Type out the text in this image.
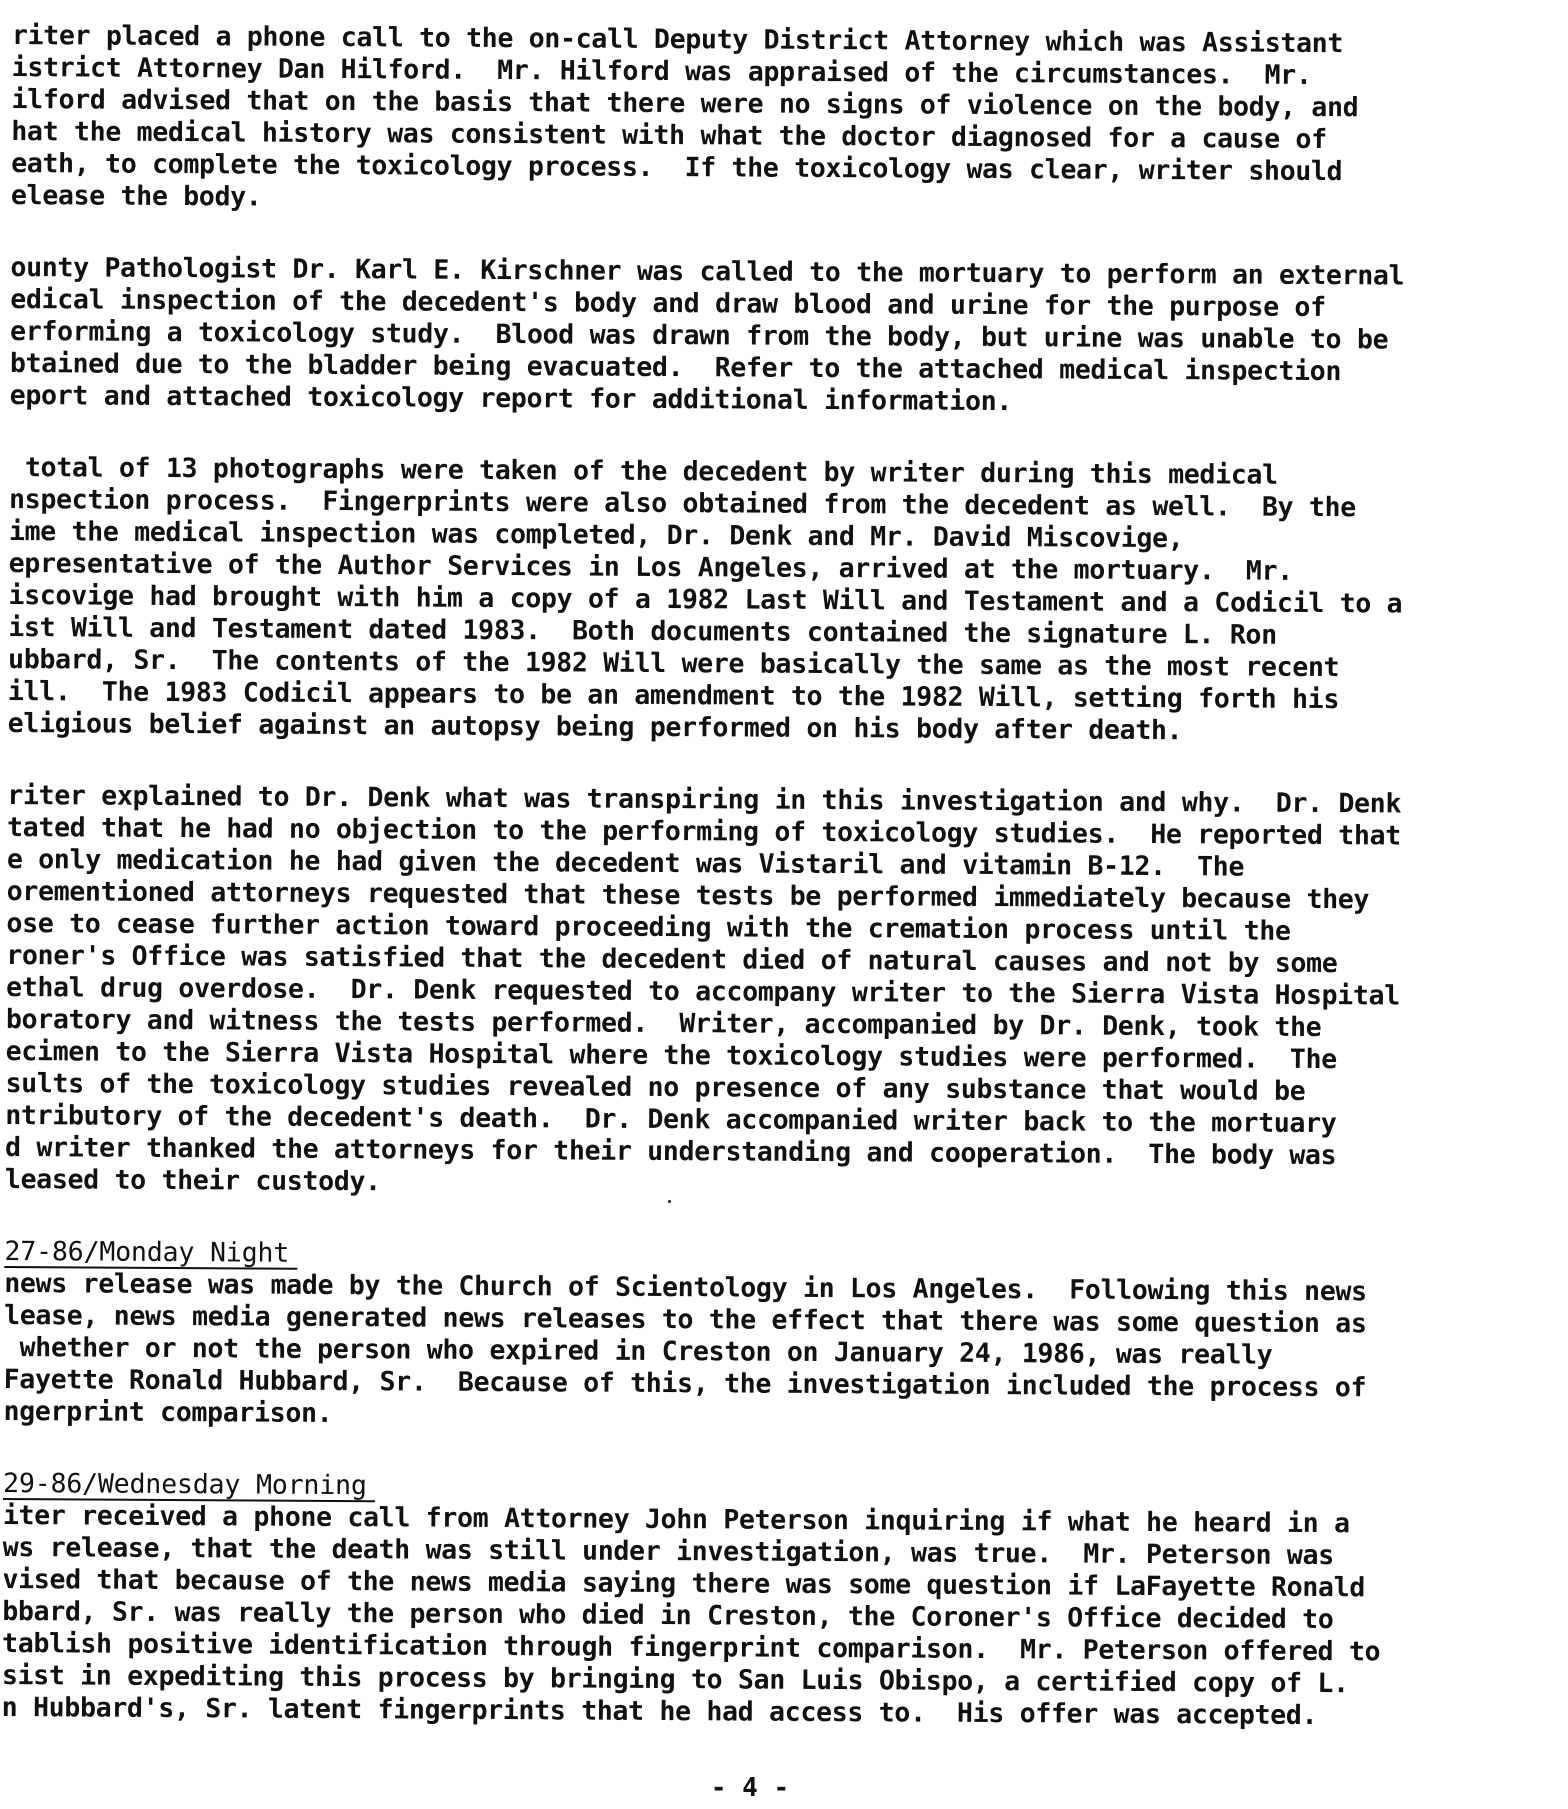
riter placed a phone call to the on-call Deputy District Attorney which was Assistant
istrict Attorney Dan Hilford.  Mr. Hilford was appraised of the circumstances.  Mr.
ilford advised that on the basis that there were no signs of violence on the body, and
hat the medical history was consistent with what the doctor diagnosed for a cause of
eath, to complete the toxicology process.  If the toxicology was clear, writer should
elease the body.
ounty Pathologist Dr. Karl E. Kirschner was called to the mortuary to perform an external
edical inspection of the decedent's body and draw blood and urine for the purpose of
erforming a toxicology study.  Blood was drawn from the body, but urine was unable to be
btained due to the bladder being evacuated.  Refer to the attached medical inspection
eport and attached toxicology report for additional information.
total of 13 photographs were taken of the decedent by writer during this medical
nspection process.  Fingerprints were also obtained from the decedent as well.  By the
ime the medical inspection was completed, Dr. Denk and Mr. David Miscovige,
epresentative of the Author Services in Los Angeles, arrived at the mortuary.  Mr.
iscovige had brought with him a copy of a 1982 Last Will and Testament and a Codicil to a
ist Will and Testament dated 1983.  Both documents contained the signature L. Ron
ubbard, Sr.  The contents of the 1982 Will were basically the same as the most recent
ill.  The 1983 Codicil appears to be an amendment to the 1982 Will, setting forth his
eligious belief against an autopsy being performed on his body after death.
riter explained to Dr. Denk what was transpiring in this investigation and why.  Dr. Denk
tated that he had no objection to the performing of toxicology studies.  He reported that
e only medication he had given the decedent was Vistaril and vitamin B-12.  The
orementioned attorneys requested that these tests be performed immediately because they
ose to cease further action toward proceeding with the cremation process until the
roner's Office was satisfied that the decedent died of natural causes and not by some
ethal drug overdose.  Dr. Denk requested to accompany writer to the Sierra Vista Hospital
boratory and witness the tests performed.  Writer, accompanied by Dr. Denk, took the
ecimen to the Sierra Vista Hospital where the toxicology studies were performed.  The
sults of the toxicology studies revealed no presence of any substance that would be
ntributory of the decedent's death.  Dr. Denk accompanied writer back to the mortuary
d writer thanked the attorneys for their understanding and cooperation.  The body was
leased to their custody.
27-86/Monday Night
news release was made by the Church of Scientology in Los Angeles.  Following this news
lease, news media generated news releases to the effect that there was some question as
whether or not the person who expired in Creston on January 24, 1986, was really
Fayette Ronald Hubbard, Sr.  Because of this, the investigation included the process of
ngerprint comparison.
29-86/Wednesday Morning
iter received a phone call from Attorney John Peterson inquiring if what he heard in a
ws release, that the death was still under investigation, was true.  Mr. Peterson was
vised that because of the news media saying there was some question if LaFayette Ronald
bbard, Sr. was really the person who died in Creston, the Coroner's Office decided to
tablish positive identification through fingerprint comparison.  Mr. Peterson offered to
sist in expediting this process by bringing to San Luis Obispo, a certified copy of L.
n Hubbard's, Sr. latent fingerprints that he had access to.  His offer was accepted.
- 4 -
